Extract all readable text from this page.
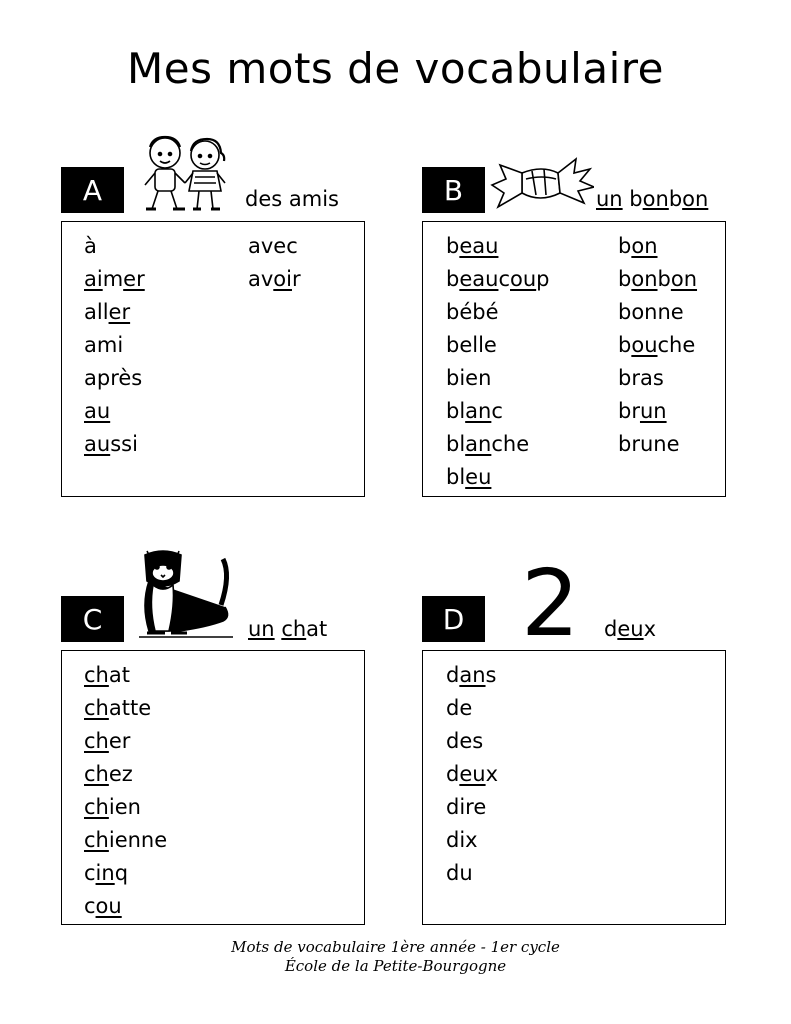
Mes mots de vocabulaire
A	des amis
à
aimer
aller
ami
après
au
aussi
avec
avoir
B	un bonbon
beau
beaucoup
bébé
belle
bien
blanc
blanche
bleu
bon
bonbon
bonne
bouche
bras
brun
brune
C	un chat
chat
chatte
cher
chez
chien
chienne
cinq
cou
D 2 deux
dans
de
des
deux
dire
dix
du
Mots de vocabulaire 1ère année - 1er cycle
École de la Petite-Bourgogne
